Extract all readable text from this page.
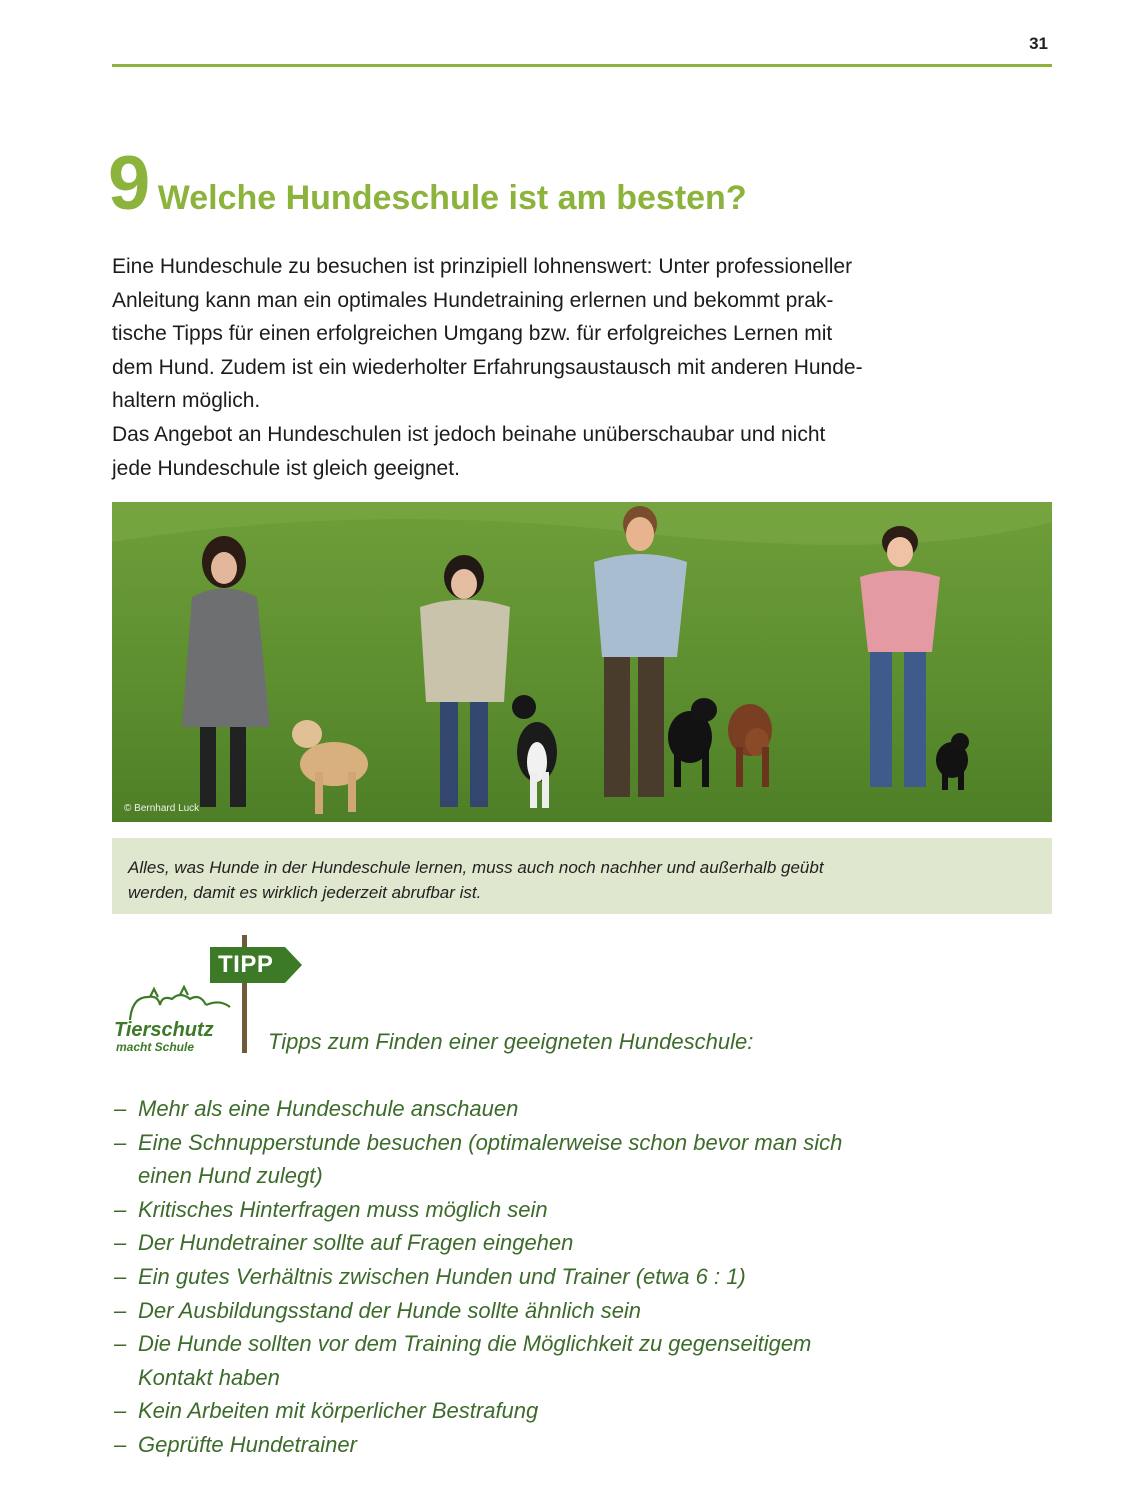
31
9 Welche Hundeschule ist am besten?

Eine Hundeschule zu besuchen ist prinzipiell lohnenswert: Unter professioneller
Anleitung kann man ein optimales Hundetraining erlernen und bekommt prak-
tische Tipps für einen erfolgreichen Umgang bzw. für erfolgreiches Lernen mit
dem Hund. Zudem ist ein wiederholter Erfahrungsaustausch mit anderen Hunde-
haltern möglich.

Das Angebot an Hundeschulen ist jedoch beinahe unüberschaubar und nicht
jede Hundeschule ist gleich geeignet.

© Bernhard Luck
Alles, was Hunde in der Hundeschule lernen, muss auch noch nachher und außerhalb geübt
werden, damit es wirklich jederzeit abrufbar ist.
TIPP
Tierschutz
macht Schule	Tipps zum Finden einer geeigneten Hundeschule:
– Mehr als eine Hundeschule anschauen
– Eine Schnupperstunde besuchen (optimalerweise schon bevor man sich
einen Hund zulegt)
– Kritisches Hinterfragen muss möglich sein
– Der Hundetrainer sollte auf Fragen eingehen
– Ein gutes Verhältnis zwischen Hunden und Trainer (etwa 6 : 1)
– Der Ausbildungsstand der Hunde sollte ähnlich sein
– Die Hunde sollten vor dem Training die Möglichkeit zu gegenseitigem
Kontakt haben
– Kein Arbeiten mit körperlicher Bestrafung
– Geprüfte Hundetrainer
